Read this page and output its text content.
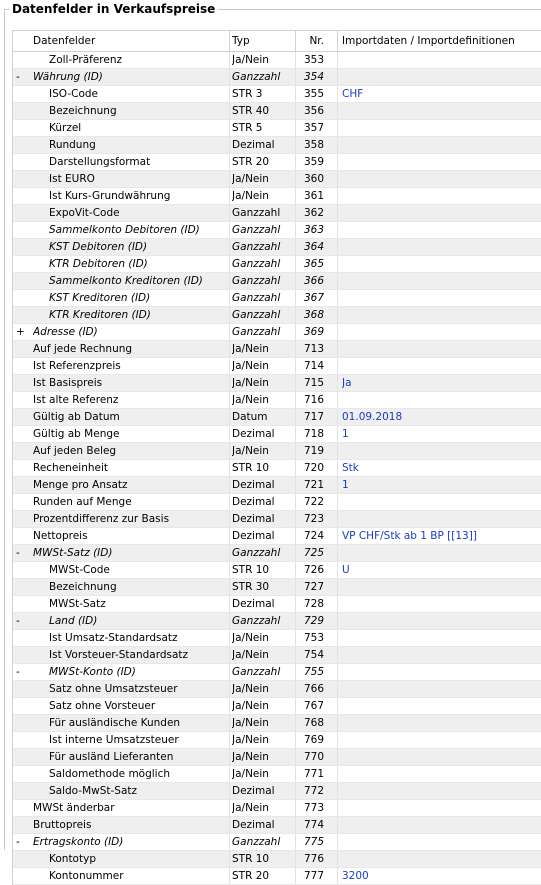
Datenfelder in Verkaufspreise
Datenfelder	Typ	Nr. Importdaten / Importdefinitionen
Zoll-Präferenz	Ja/Nein	353
-	Währung (ID)	Ganzzahl	354
ISO-Code	STR 3	355 CHF
Bezeichnung	STR 40	356
Kürzel	STR 5	357
Rundung	Dezimal	358
Darstellungsformat	STR 20	359
Ist EURO	Ja/Nein	360
Ist Kurs-Grundwährung	Ja/Nein	361
ExpoVit-Code	Ganzzahl	362
Sammelkonto Debitoren (ID)	Ganzzahl	363
KST Debitoren (ID)	Ganzzahl	364
KTR Debitoren (ID)	Ganzzahl	365
Sammelkonto Kreditoren (ID)	Ganzzahl	366
KST Kreditoren (ID)	Ganzzahl	367
KTR Kreditoren (ID)	Ganzzahl	368
+ Adresse (ID)	Ganzzahl	369
Auf jede Rechnung	Ja/Nein	713
Ist Referenzpreis	Ja/Nein	714
Ist Basispreis	Ja/Nein	715 Ja
Ist alte Referenz	Ja/Nein	716
Gültig ab Datum	Datum	717 01.09.2018
Gültig ab Menge	Dezimal	718 1
Auf jeden Beleg	Ja/Nein	719
Recheneinheit	STR 10	720 Stk
Menge pro Ansatz	Dezimal	721 1
Runden auf Menge	Dezimal	722
Prozentdifferenz zur Basis	Dezimal	723
Nettopreis	Dezimal	724 VP CHF/Stk ab 1 BP [[13]]
-	MWSt-Satz (ID)	Ganzzahl	725
MWSt-Code	STR 10	726 U
Bezeichnung	STR 30	727
MWSt-Satz	Dezimal	728
-	Land (ID)	Ganzzahl	729
Ist Umsatz-Standardsatz	Ja/Nein	753
Ist Vorsteuer-Standardsatz	Ja/Nein	754
-	MWSt-Konto (ID)	Ganzzahl	755
Satz ohne Umsatzsteuer	Ja/Nein	766
Satz ohne Vorsteuer	Ja/Nein	767
Für ausländische Kunden	Ja/Nein	768
Ist interne Umsatzsteuer	Ja/Nein	769
Für ausländ Lieferanten	Ja/Nein	770
Saldomethode möglich	Ja/Nein	771
Saldo-MwSt-Satz	Dezimal	772
MWSt änderbar	Ja/Nein	773
Bruttopreis	Dezimal	774
-	Ertragskonto (ID)	Ganzzahl	775
Kontotyp	STR 10	776
Kontonummer	STR 20	777 3200
